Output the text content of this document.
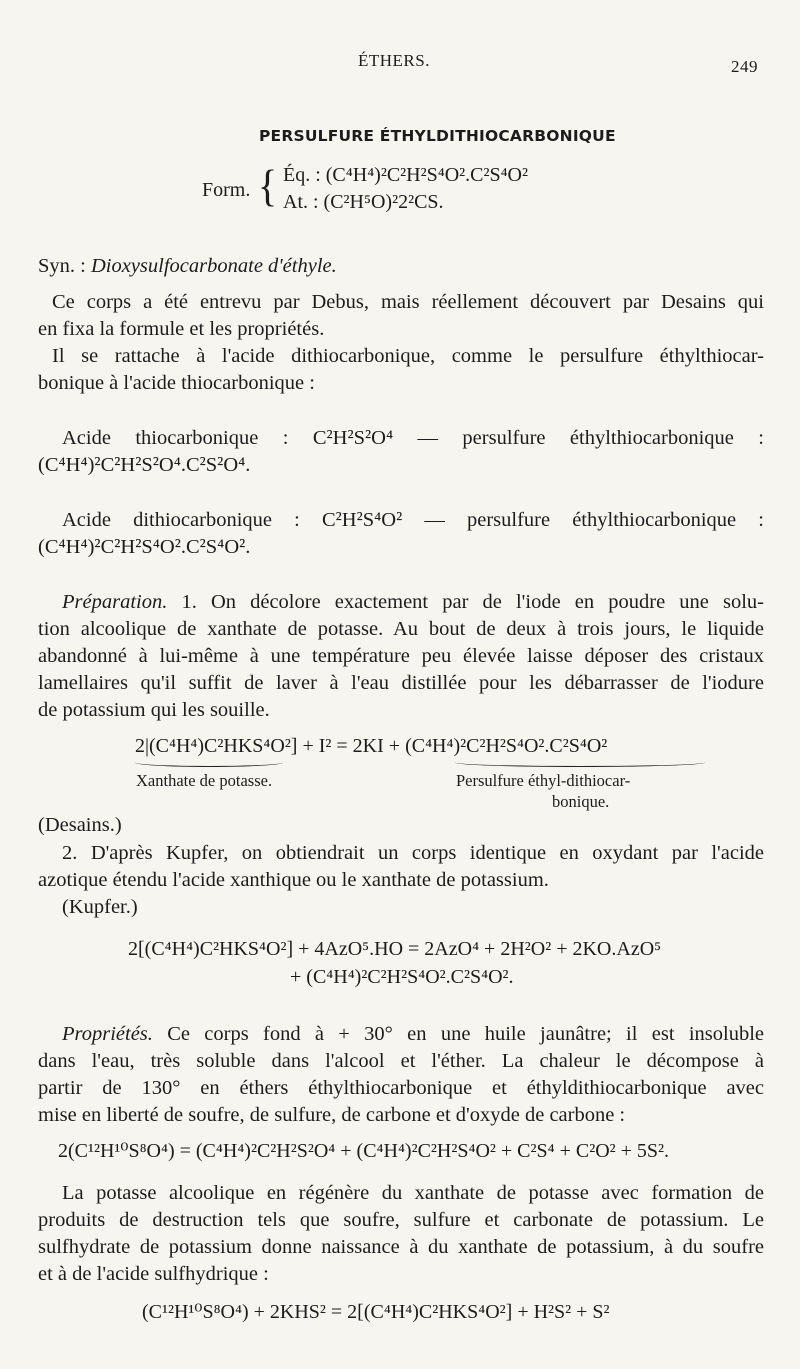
ÉTHERS.	249
PERSULFURE ÉTHYLDITHIOCARBONIQUE
Form. { Éq. : (C⁴H⁴)²C²H²S⁴O².C²S⁴O²
At. : (C²H⁵O)²2²CS.
Syn. : Dioxysulfocarbonate d'éthyle.
Ce corps a été entrevu par Debus, mais réellement découvert par Desains qui
en fixa la formule et les propriétés.
Il se rattache à l'acide dithiocarbonique, comme le persulfure éthylthiocar-
bonique à l'acide thiocarbonique :
Acide thiocarbonique : C²H²S²O⁴ — persulfure éthylthiocarbonique :
(C⁴H⁴)²C²H²S²O⁴.C²S²O⁴.
Acide dithiocarbonique : C²H²S⁴O² — persulfure éthylthiocarbonique :
(C⁴H⁴)²C²H²S⁴O².C²S⁴O².
Préparation. 1. On décolore exactement par de l'iode en poudre une solu-
tion alcoolique de xanthate de potasse. Au bout de deux à trois jours, le liquide
abandonné à lui-même à une température peu élevée laisse déposer des cristaux
lamellaires qu'il suffit de laver à l'eau distillée pour les débarrasser de l'iodure
de potassium qui les souille.
2|(C⁴H⁴)C²HKS⁴O²] + I² = 2KI + (C⁴H⁴)²C²H²S⁴O².C²S⁴O²
Xanthate de potasse.	Persulfure éthyl-dithiocar-
bonique.
(Desains.)
2. D'après Kupfer, on obtiendrait un corps identique en oxydant par l'acide
azotique étendu l'acide xanthique ou le xanthate de potassium.
(Kupfer.)
2[(C⁴H⁴)C²HKS⁴O²] + 4AzO⁵.HO = 2AzO⁴ + 2H²O² + 2KO.AzO⁵
+ (C⁴H⁴)²C²H²S⁴O².C²S⁴O².
Propriétés. Ce corps fond à + 30° en une huile jaunâtre; il est insoluble
dans l'eau, très soluble dans l'alcool et l'éther. La chaleur le décompose à
partir de 130° en éthers éthylthiocarbonique et éthyldithiocarbonique avec
mise en liberté de soufre, de sulfure, de carbone et d'oxyde de carbone :
2(C¹²H¹⁰S⁸O⁴) = (C⁴H⁴)²C²H²S²O⁴ + (C⁴H⁴)²C²H²S⁴O² + C²S⁴ + C²O² + 5S².
La potasse alcoolique en régénère du xanthate de potasse avec formation de
produits de destruction tels que soufre, sulfure et carbonate de potassium. Le
sulfhydrate de potassium donne naissance à du xanthate de potassium, à du soufre
et à de l'acide sulfhydrique :
(C¹²H¹⁰S⁸O⁴) + 2KHS² = 2[(C⁴H⁴)C²HKS⁴O²] + H²S² + S²
